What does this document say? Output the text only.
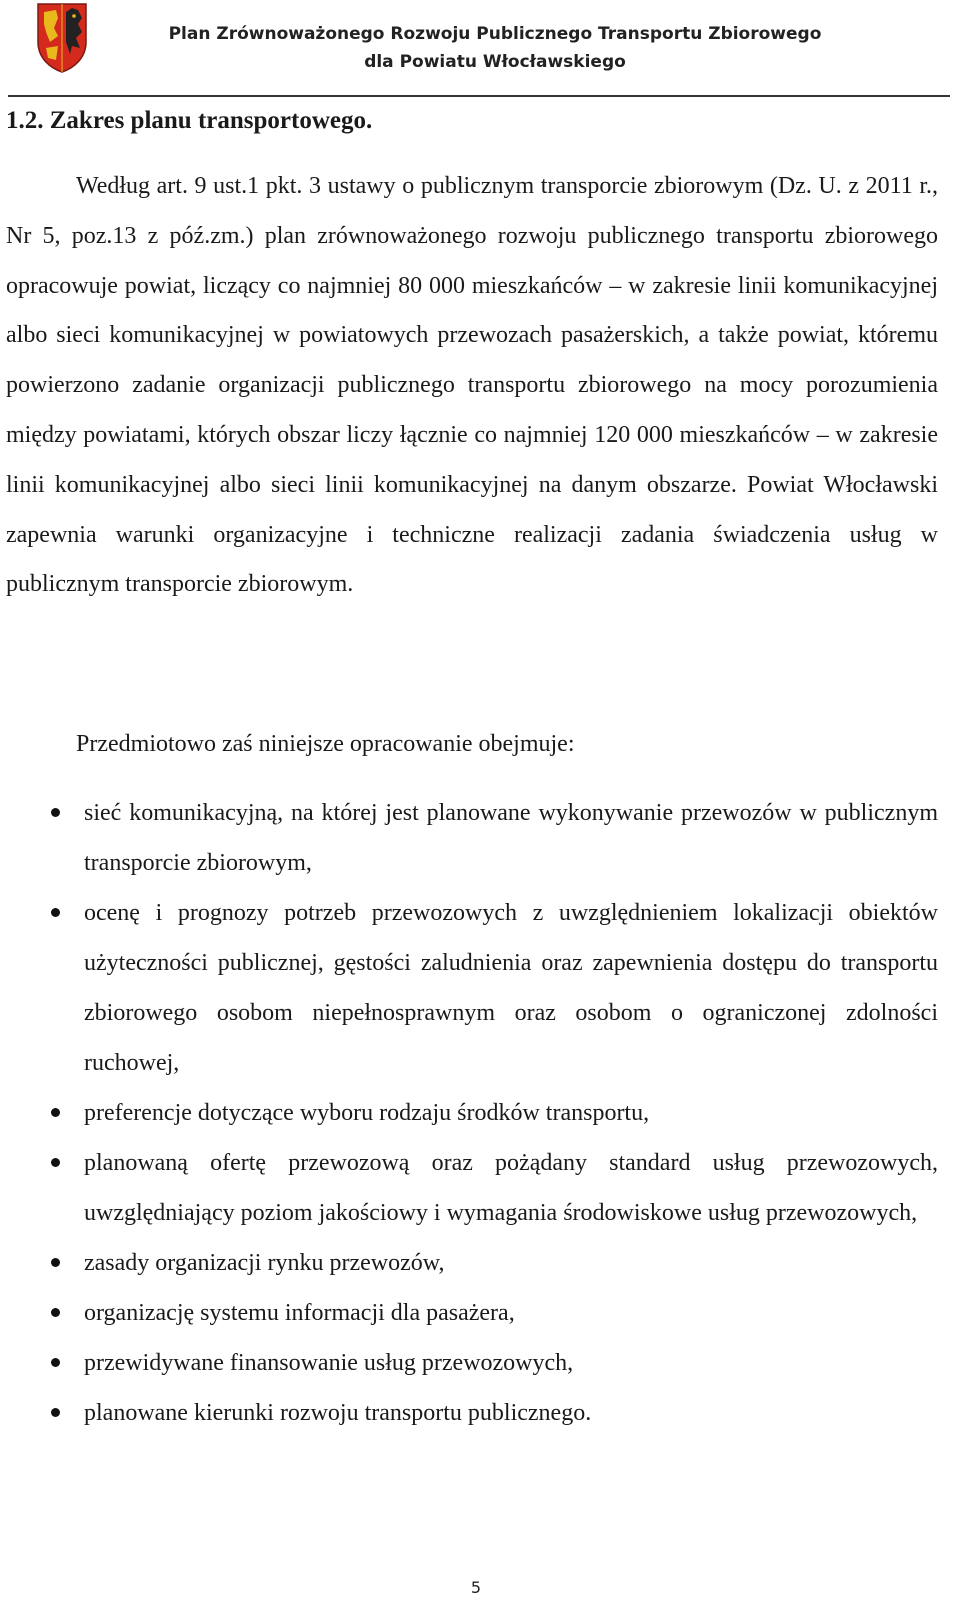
Plan Zrównoważonego Rozwoju Publicznego Transportu Zbiorowego
dla Powiatu Włocławskiego
1.2. Zakres planu transportowego.

Według art. 9 ust.1 pkt. 3 ustawy o publicznym transporcie zbiorowym (Dz. U. z 2011 r., Nr 5, poz.13 z póź.zm.) plan zrównoważonego rozwoju publicznego transportu zbiorowego opracowuje powiat, liczący co najmniej 80 000 mieszkańców – w zakresie linii komunikacyjnej albo sieci komunikacyjnej w powiatowych przewozach pasażerskich, a także powiat, któremu powierzono zadanie organizacji publicznego transportu zbiorowego na mocy porozumienia między powiatami, których obszar liczy łącznie co najmniej 120 000 mieszkańców – w zakresie linii komunikacyjnej albo sieci linii komunikacyjnej na danym obszarze. Powiat Włocławski zapewnia warunki organizacyjne i techniczne realizacji zadania świadczenia usług w publicznym transporcie zbiorowym.

Przedmiotowo zaś niniejsze opracowanie obejmuje:

sieć komunikacyjną, na której jest planowane wykonywanie przewozów w publicznym transporcie zbiorowym,
ocenę i prognozy potrzeb przewozowych z uwzględnieniem lokalizacji obiektów użyteczności publicznej, gęstości zaludnienia oraz zapewnienia dostępu do transportu zbiorowego osobom niepełnosprawnym oraz osobom o ograniczonej zdolności ruchowej,
preferencje dotyczące wyboru rodzaju środków transportu,
planowaną ofertę przewozową oraz pożądany standard usług przewozowych, uwzględniający poziom jakościowy i wymagania środowiskowe usług przewozowych,
zasady organizacji rynku przewozów,
organizację systemu informacji dla pasażera,
przewidywane finansowanie usług przewozowych,
planowane kierunki rozwoju transportu publicznego.
5
